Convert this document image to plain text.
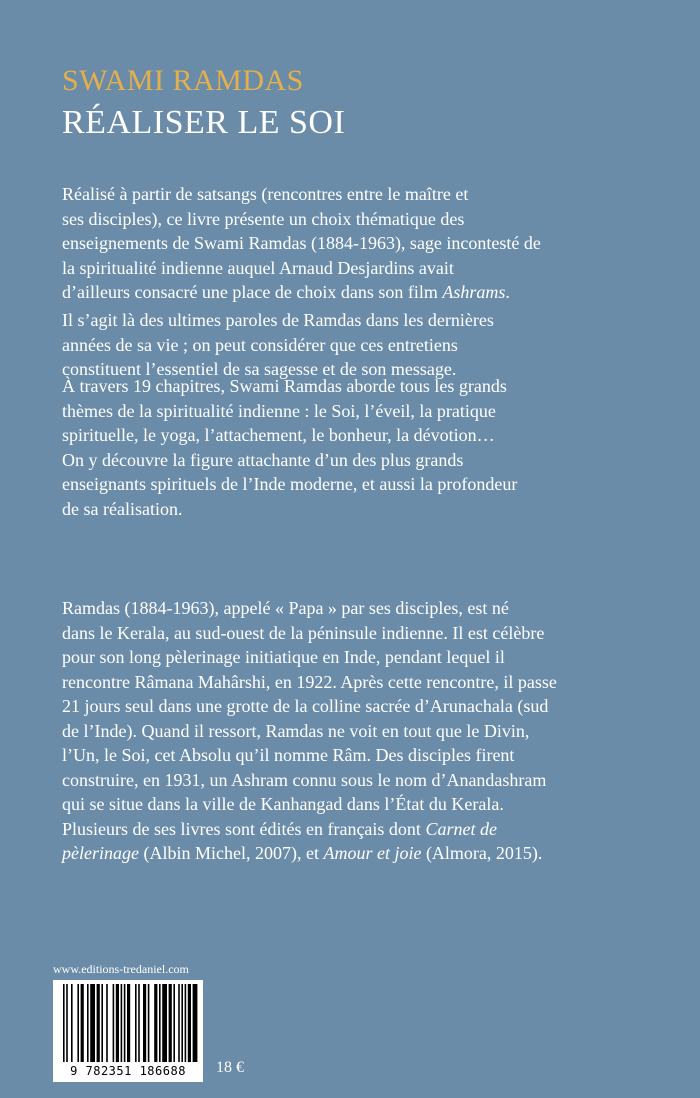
SWAMI RAMDAS
RÉALISER LE SOI

Réalisé à partir de satsangs (rencontres entre le maître et
ses disciples), ce livre présente un choix thématique des
enseignements de Swami Ramdas (1884-1963), sage incontesté de
la spiritualité indienne auquel Arnaud Desjardins avait
d’ailleurs consacré une place de choix dans son film Ashrams.

Il s’agit là des ultimes paroles de Ramdas dans les dernières
années de sa vie ; on peut considérer que ces entretiens
constituent l’essentiel de sa sagesse et de son message.

À travers 19 chapitres, Swami Ramdas aborde tous les grands
thèmes de la spiritualité indienne : le Soi, l’éveil, la pratique
spirituelle, le yoga, l’attachement, le bonheur, la dévotion…
On y découvre la figure attachante d’un des plus grands
enseignants spirituels de l’Inde moderne, et aussi la profondeur
de sa réalisation.

Ramdas (1884-1963), appelé « Papa » par ses disciples, est né
dans le Kerala, au sud-ouest de la péninsule indienne. Il est célèbre
pour son long pèlerinage initiatique en Inde, pendant lequel il
rencontre Râmana Mahârshi, en 1922. Après cette rencontre, il passe
21 jours seul dans une grotte de la colline sacrée d’Arunachala (sud
de l’Inde). Quand il ressort, Ramdas ne voit en tout que le Divin,
l’Un, le Soi, cet Absolu qu’il nomme Râm. Des disciples firent
construire, en 1931, un Ashram connu sous le nom d’Anandashram
qui se situe dans la ville de Kanhangad dans l’État du Kerala.
Plusieurs de ses livres sont édités en français dont Carnet de
pèlerinage (Albin Michel, 2007), et Amour et joie (Almora, 2015).

www.editions-tredaniel.com
9 782351 186688	18 €
